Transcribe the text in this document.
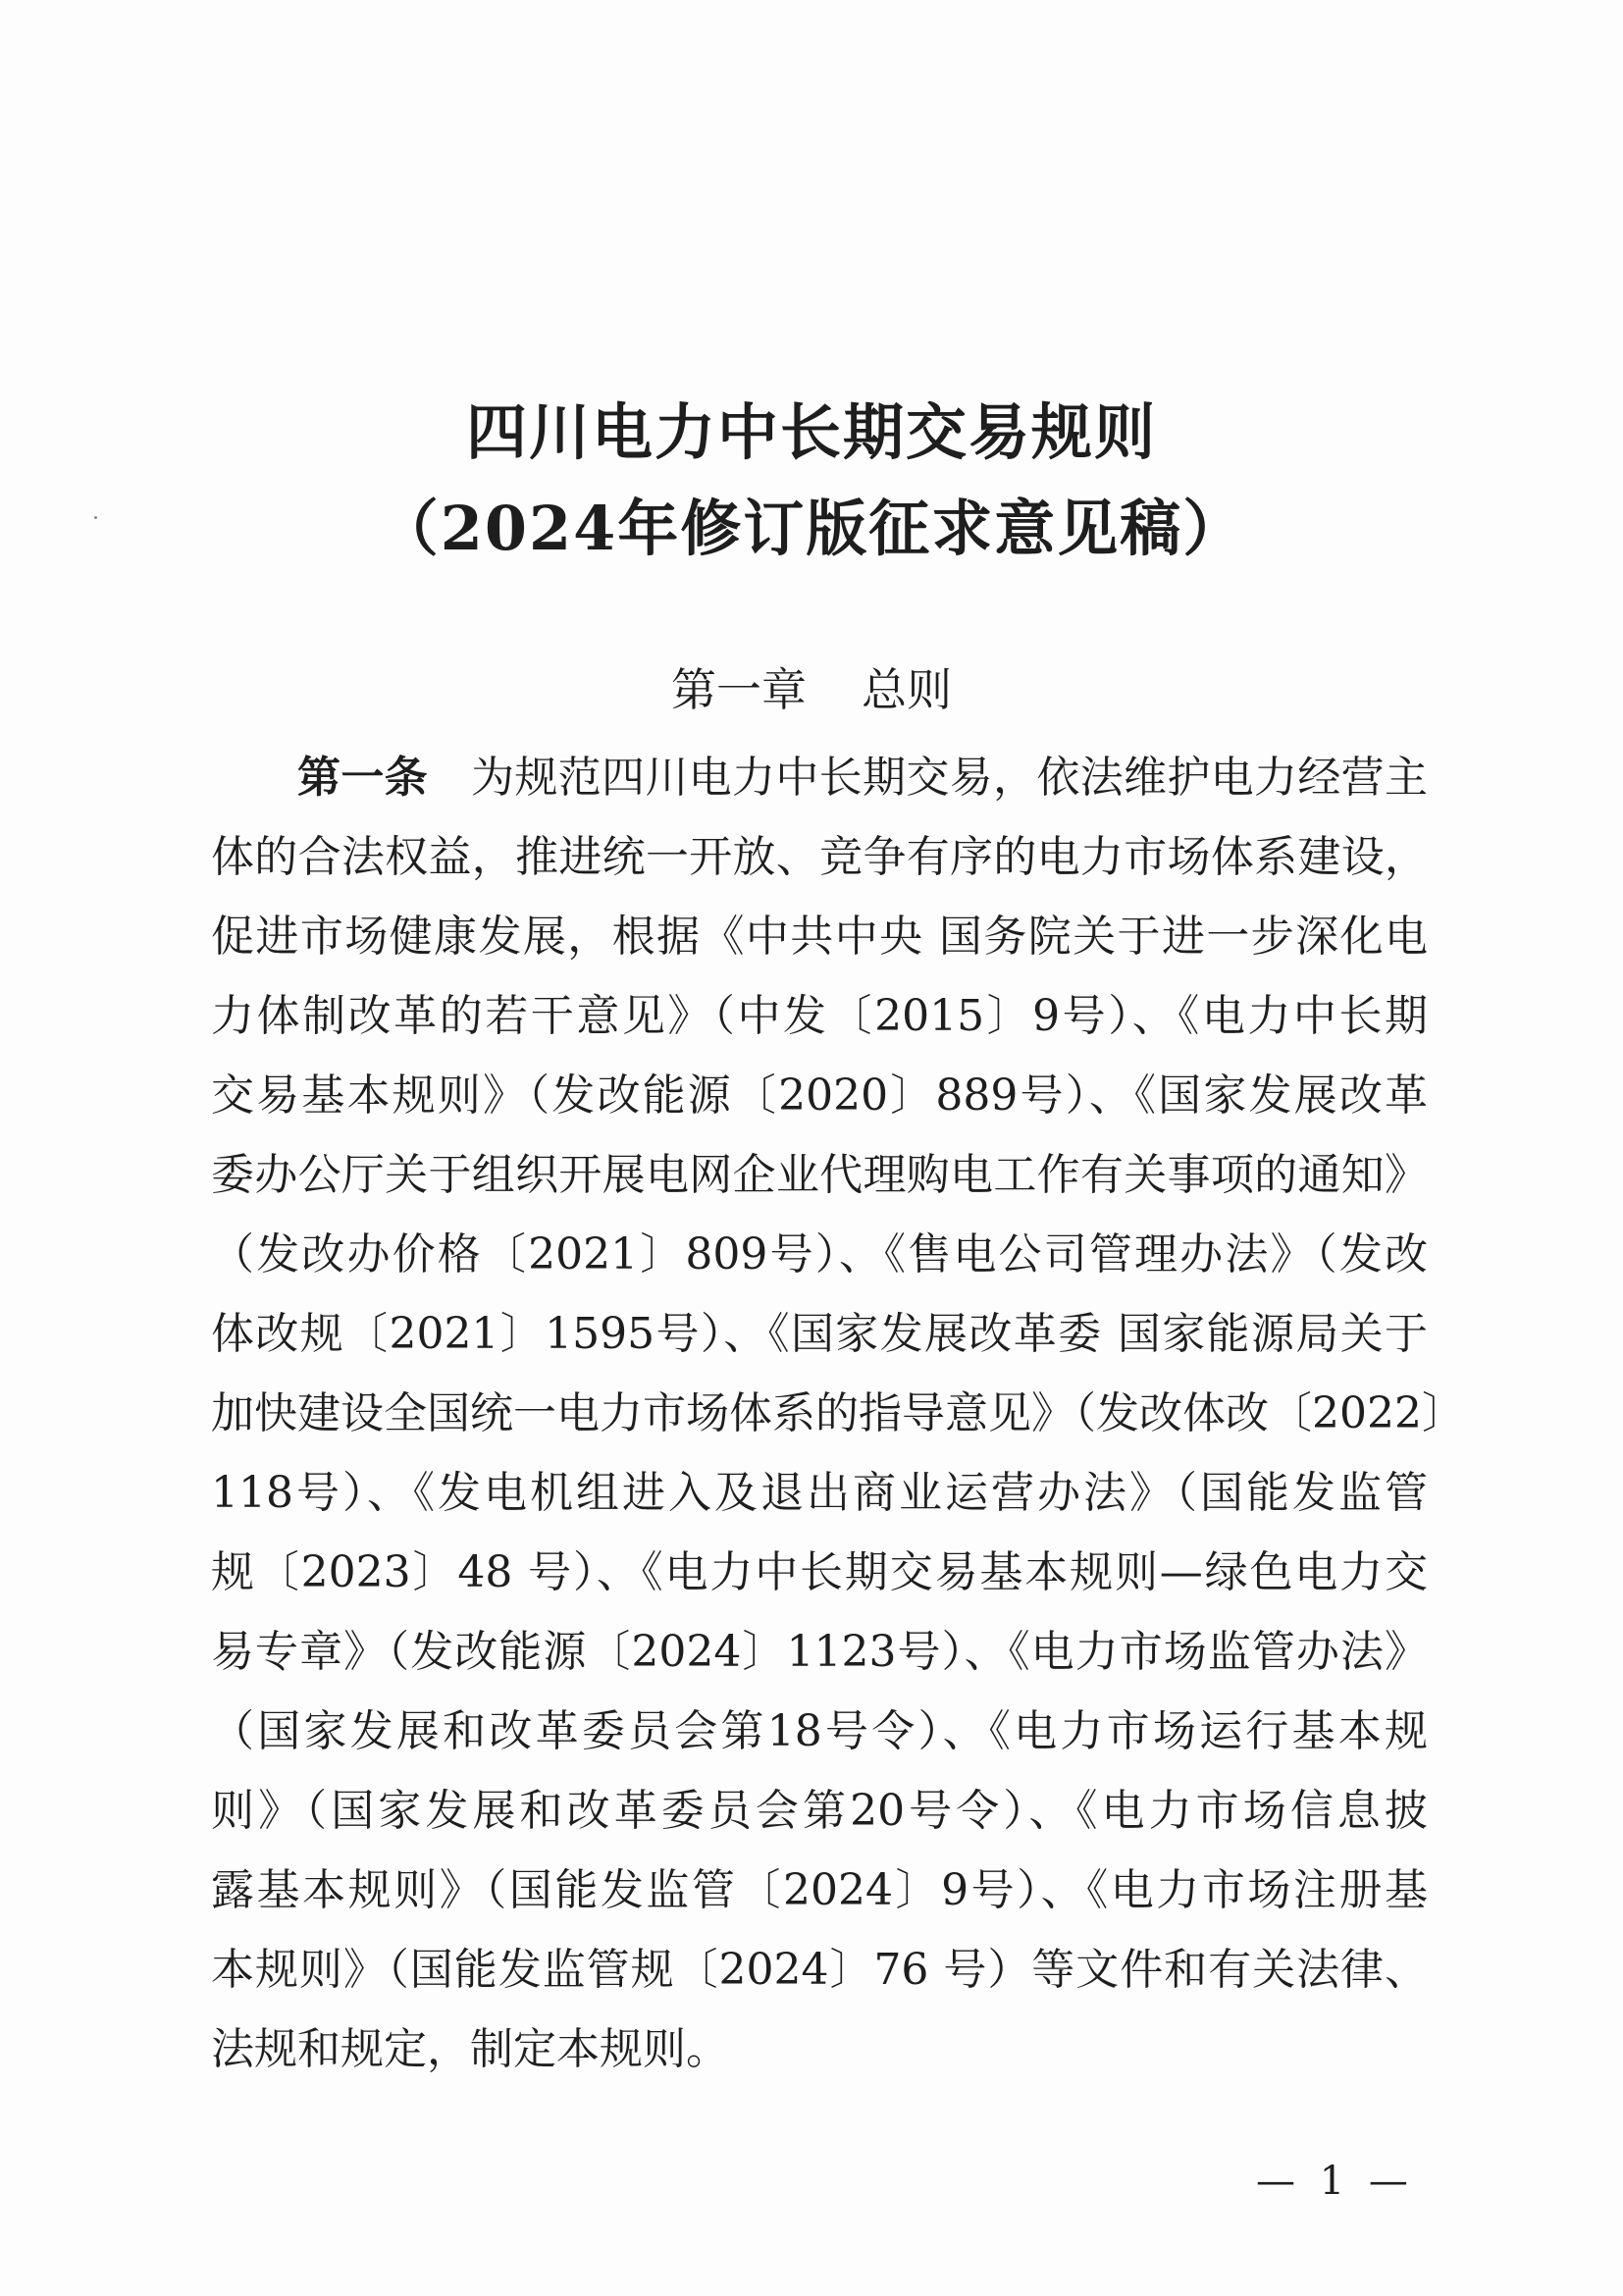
四川电力中长期交易规则
（2024年修订版征求意见稿）
第一章 总则
第一条 为规范四川电力中长期交易，依法维护电力经营主
体的合法权益，推进统一开放、竞争有序的电力市场体系建设，
促进市场健康发展，根据《中共中央 国务院关于进一步深化电
力体制改革的若干意见》（中发〔2015〕9号）、《电力中长期
交易基本规则》（发改能源〔2020〕889号）、《国家发展改革
委办公厅关于组织开展电网企业代理购电工作有关事项的通知》
（发改办价格〔2021〕809号）、《售电公司管理办法》（发改
体改规〔2021〕1595号）、《国家发展改革委 国家能源局关于
加快建设全国统一电力市场体系的指导意见》（发改体改〔2022〕
118号）、《发电机组进入及退出商业运营办法》（国能发监管
规〔2023〕48 号）、《电力中长期交易基本规则—绿色电力交
易专章》（发改能源〔2024〕1123号）、《电力市场监管办法》
（国家发展和改革委员会第18号令）、《电力市场运行基本规
则》（国家发展和改革委员会第20号令）、《电力市场信息披
露基本规则》（国能发监管〔2024〕9号）、《电力市场注册基
本规则》（国能发监管规〔2024〕76 号）等文件和有关法律、
法规和规定，制定本规则。
— 1 —
